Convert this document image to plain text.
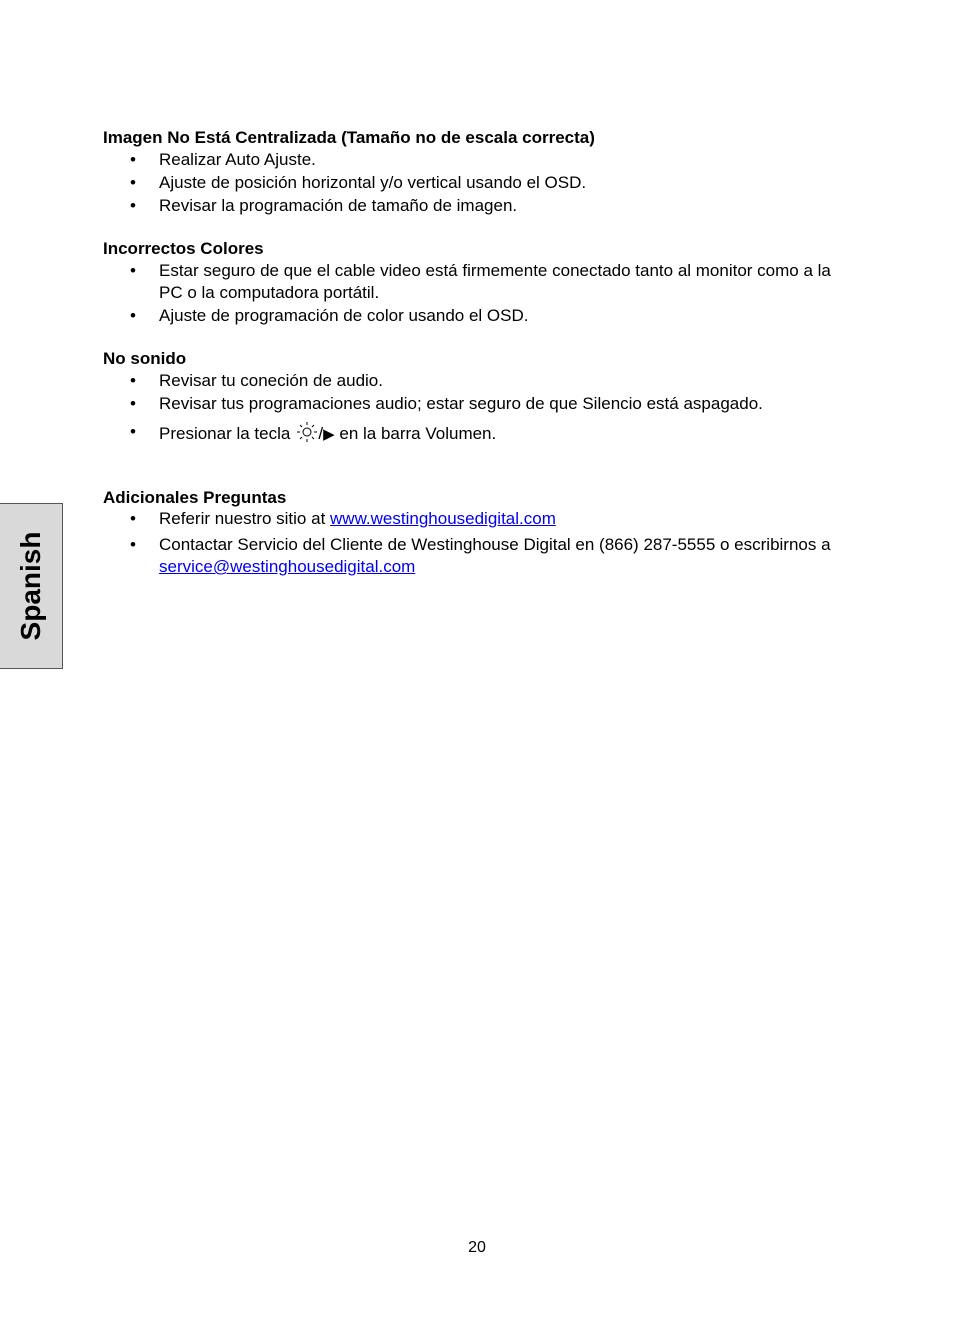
Imagen No Está Centralizada (Tamaño no de escala correcta)

• Realizar Auto Ajuste.
• Ajuste de posición horizontal y/o vertical usando el OSD.
• Revisar la programación de tamaño de imagen.

Incorrectos Colores

• Estar seguro de que el cable video está firmemente conectado tanto al monitor como a la PC o la computadora portátil.
• Ajuste de programación de color usando el OSD.

No sonido

• Revisar tu coneción de audio.
• Revisar tus programaciones audio; estar seguro de que Silencio está aspagado.
• Presionar la tecla /▶ en la barra Volumen.

Adicionales Preguntas

• Referir nuestro sitio at www.westinghousedigital.com
• Contactar Servicio del Cliente de Westinghouse Digital en (866) 287-5555 o escribirnos a service@westinghousedigital.com
Spanish
20
